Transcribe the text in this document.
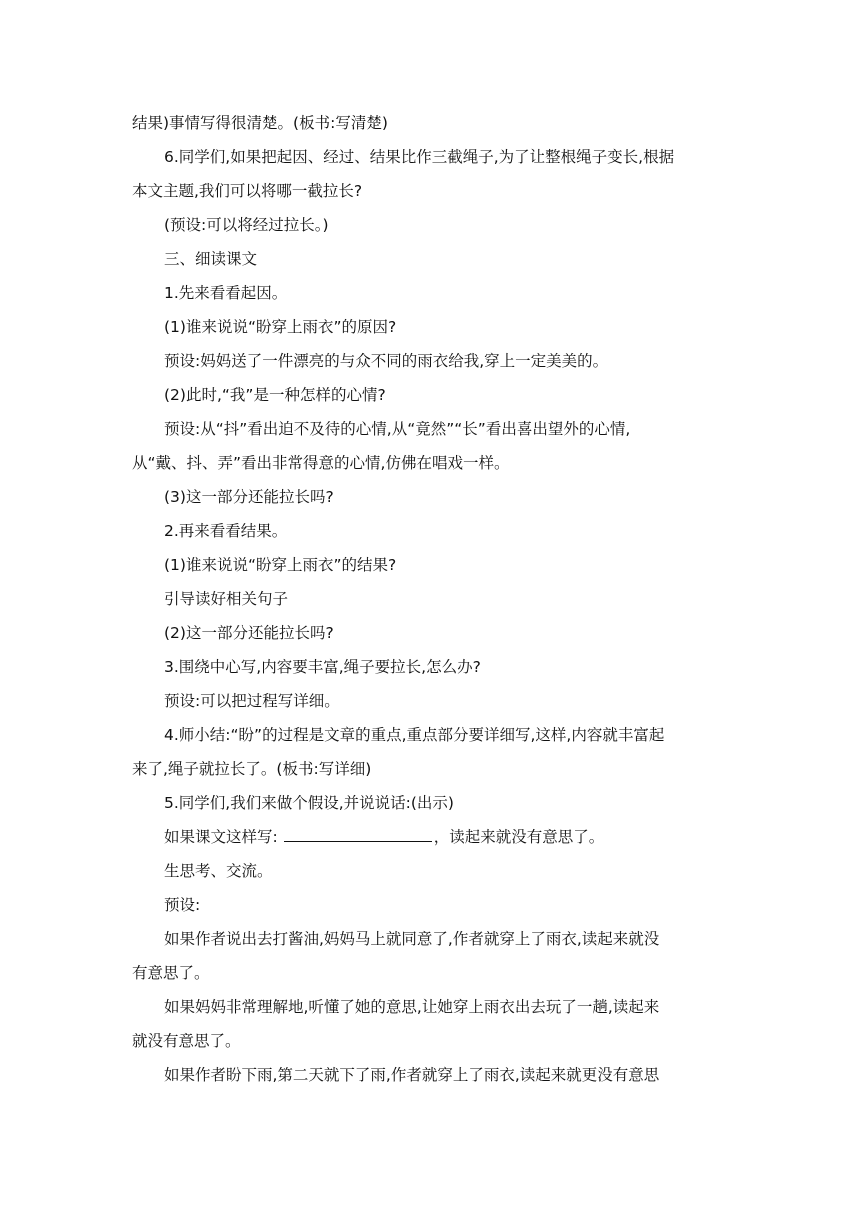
结果)事情写得很清楚。(板书:写清楚)
6.同学们,如果把起因、经过、结果比作三截绳子,为了让整根绳子变长,根据
本文主题,我们可以将哪一截拉长?
(预设:可以将经过拉长。)
三、细读课文
1.先来看看起因。
(1)谁来说说“盼穿上雨衣”的原因?
预设:妈妈送了一件漂亮的与众不同的雨衣给我,穿上一定美美的。
(2)此时,“我”是一种怎样的心情?
预设:从“抖”看出迫不及待的心情,从“竟然”“长”看出喜出望外的心情,
从“戴、抖、弄”看出非常得意的心情,仿佛在唱戏一样。
(3)这一部分还能拉长吗?
2.再来看看结果。
(1)谁来说说“盼穿上雨衣”的结果?
引导读好相关句子
(2)这一部分还能拉长吗?
3.围绕中心写,内容要丰富,绳子要拉长,怎么办?
预设:可以把过程写详细。
4.师小结:“盼”的过程是文章的重点,重点部分要详细写,这样,内容就丰富起
来了,绳子就拉长了。(板书:写详细)
5.同学们,我们来做个假设,并说说话:(出示)
如果课文这样写:	，读起来就没有意思了。
生思考、交流。
预设:
如果作者说出去打酱油,妈妈马上就同意了,作者就穿上了雨衣,读起来就没
有意思了。
如果妈妈非常理解地,听懂了她的意思,让她穿上雨衣出去玩了一趟,读起来
就没有意思了。
如果作者盼下雨,第二天就下了雨,作者就穿上了雨衣,读起来就更没有意思
